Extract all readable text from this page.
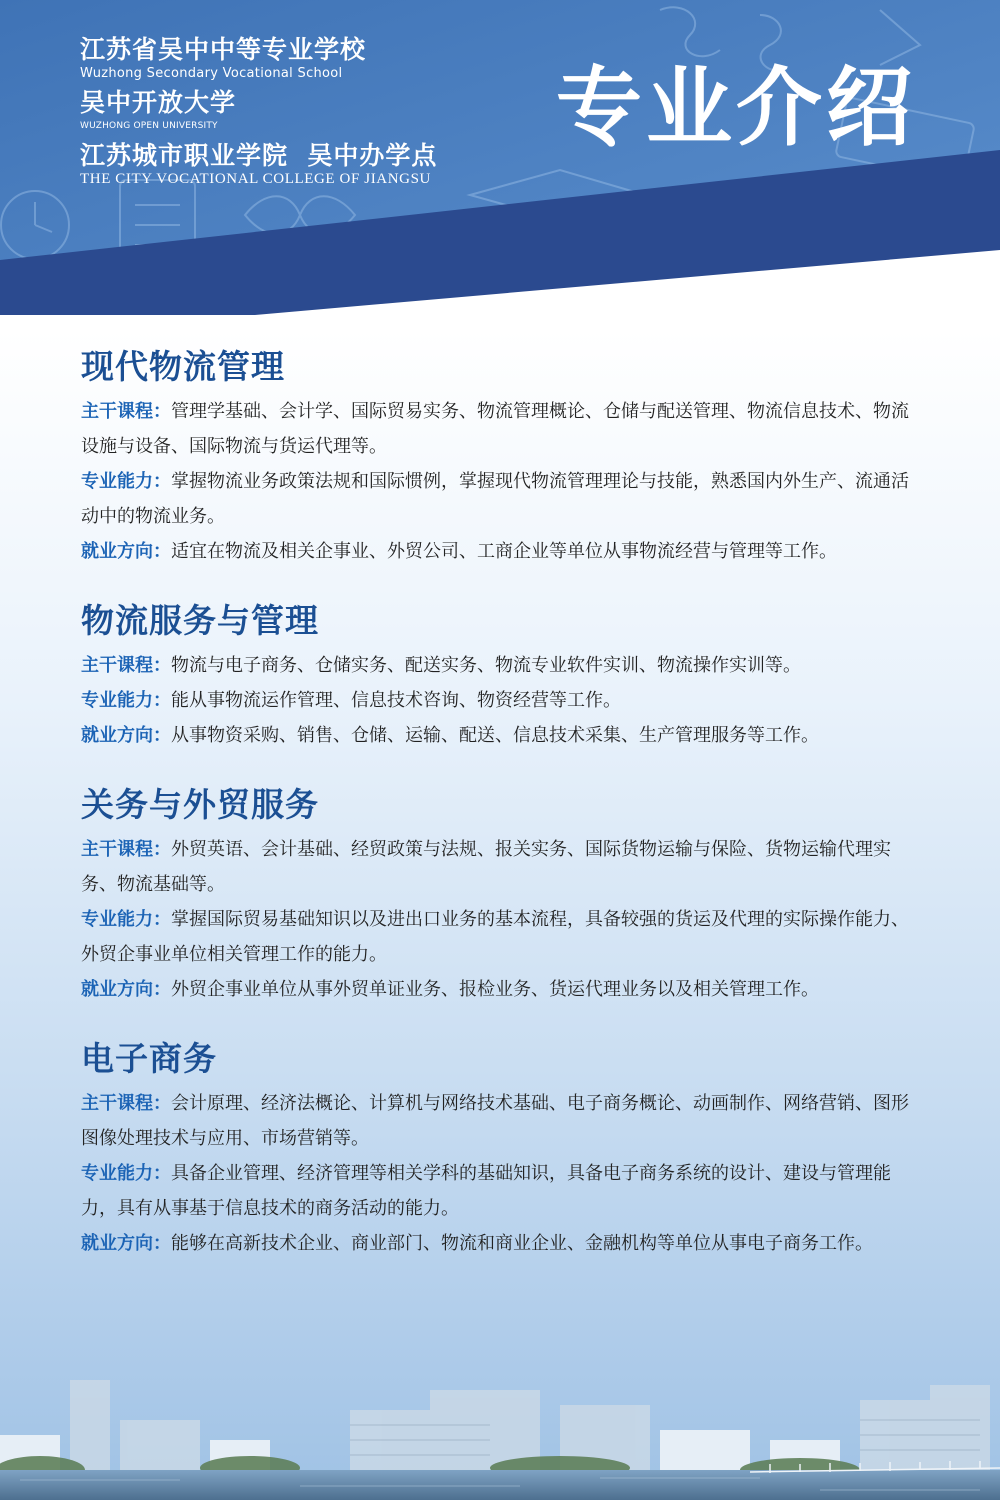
江苏省吴中中等专业学校
Wuzhong Secondary Vocational School
吴中开放大学
WUZHONG OPEN UNIVERSITY
江苏城市职业学院  吴中办学点
THE CITY VOCATIONAL COLLEGE OF JIANGSU
专业介绍
现代物流管理

主干课程：管理学基础、会计学、国际贸易实务、物流管理概论、仓储与配送管理、物流信息技术、物流设施与设备、国际物流与货运代理等。

专业能力：掌握物流业务政策法规和国际惯例，掌握现代物流管理理论与技能，熟悉国内外生产、流通活动中的物流业务。

就业方向：适宜在物流及相关企事业、外贸公司、工商企业等单位从事物流经营与管理等工作。

物流服务与管理

主干课程：物流与电子商务、仓储实务、配送实务、物流专业软件实训、物流操作实训等。

专业能力：能从事物流运作管理、信息技术咨询、物资经营等工作。

就业方向：从事物资采购、销售、仓储、运输、配送、信息技术采集、生产管理服务等工作。

关务与外贸服务

主干课程：外贸英语、会计基础、经贸政策与法规、报关实务、国际货物运输与保险、货物运输代理实务、物流基础等。

专业能力：掌握国际贸易基础知识以及进出口业务的基本流程，具备较强的货运及代理的实际操作能力、外贸企事业单位相关管理工作的能力。

就业方向：外贸企事业单位从事外贸单证业务、报检业务、货运代理业务以及相关管理工作。

电子商务

主干课程：会计原理、经济法概论、计算机与网络技术基础、电子商务概论、动画制作、网络营销、图形图像处理技术与应用、市场营销等。

专业能力：具备企业管理、经济管理等相关学科的基础知识，具备电子商务系统的设计、建设与管理能力，具有从事基于信息技术的商务活动的能力。

就业方向：能够在高新技术企业、商业部门、物流和商业企业、金融机构等单位从事电子商务工作。
